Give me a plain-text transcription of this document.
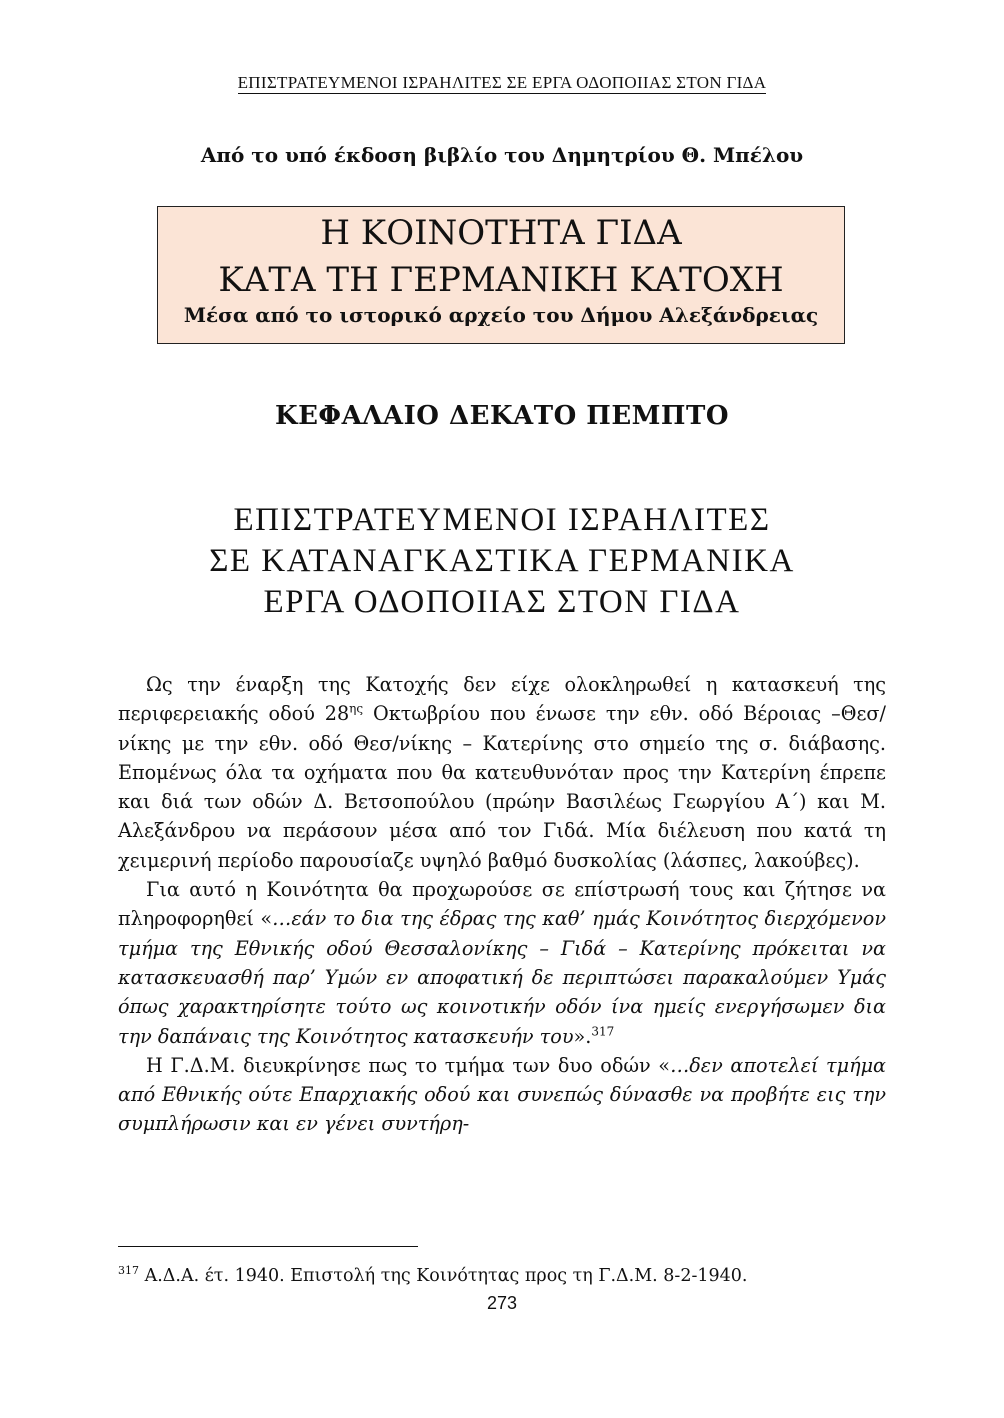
ΕΠΙΣΤΡΑΤΕΥΜΕΝΟΙ ΙΣΡΑΗΛΙΤΕΣ ΣΕ ΕΡΓΑ ΟΔΟΠΟΙΙΑΣ ΣΤΟΝ ΓΙΔΑ
Από το υπό έκδοση βιβλίο του Δημητρίου Θ. Μπέλου
Η ΚΟΙΝΟΤΗΤΑ ΓΙΔΑ
ΚΑΤΑ ΤΗ ΓΕΡΜΑΝΙΚΗ ΚΑΤΟΧΗ
Μέσα από το ιστορικό αρχείο του Δήμου Αλεξάνδρειας
ΚΕΦΑΛΑΙΟ ΔΕΚΑΤΟ ΠΕΜΠΤΟ
ΕΠΙΣΤΡΑΤΕΥΜΕΝΟΙ ΙΣΡΑΗΛΙΤΕΣ
ΣΕ ΚΑΤΑΝΑΓΚΑΣΤΙΚΑ ΓΕΡΜΑΝΙΚΑ
ΕΡΓΑ ΟΔΟΠΟΙΙΑΣ ΣΤΟΝ ΓΙΔΑ

Ως την έναρξη της Κατοχής δεν είχε ολοκληρωθεί η κατασκευή της περιφερειακής οδού $28^{\eta\varsigma}$ Οκτωβρίου που ένωσε την εθν. οδό Βέροιας –Θεσ/νίκης με την εθν. οδό Θεσ/νίκης – Κατερίνης στο σημείο της σ. διάβασης. Επομένως όλα τα οχήματα που θα κατευθυνόταν προς την Κατερίνη έπρεπε και διά των οδών Δ. Βετσοπούλου (πρώην Βασιλέως Γεωργίου Α΄) και Μ. Αλεξάνδρου να περάσουν μέσα από τον Γιδά. Μία διέλευση που κατά τη χειμερινή περίοδο παρουσίαζε υψηλό βαθμό δυσκολίας (λάσπες, λακούβες).

Για αυτό η Κοινότητα θα προχωρούσε σε επίστρωσή τους και ζήτησε να πληροφορηθεί «…εάν το δια της έδρας της καθ’ ημάς Κοινότητος διερχόμενον τμήμα της Εθνικής οδού Θεσσαλονίκης – Γιδά – Κατερίνης πρόκειται να κατασκευασθή παρ’ Υμών εν αποφατική δε περιπτώσει παρακαλούμεν Υμάς όπως χαρακτηρίσητε τούτο ως κοινοτικήν οδόν ίνα ημείς ενεργήσωμεν δια την δαπάναις της Κοινότητος κατασκευήν του».$^{317}$

Η Γ.Δ.Μ. διευκρίνησε πως το τμήμα των δυο οδών «…δεν αποτελεί τμήμα από Εθνικής ούτε Επαρχιακής οδού και συνεπώς δύνασθε να προβήτε εις την συμπλήρωσιν και εν γένει συντήρη-

$^{317}$ Α.Δ.Α. έτ. 1940. Επιστολή της Κοινότητας προς τη Γ.Δ.Μ. 8-2-1940.
273
